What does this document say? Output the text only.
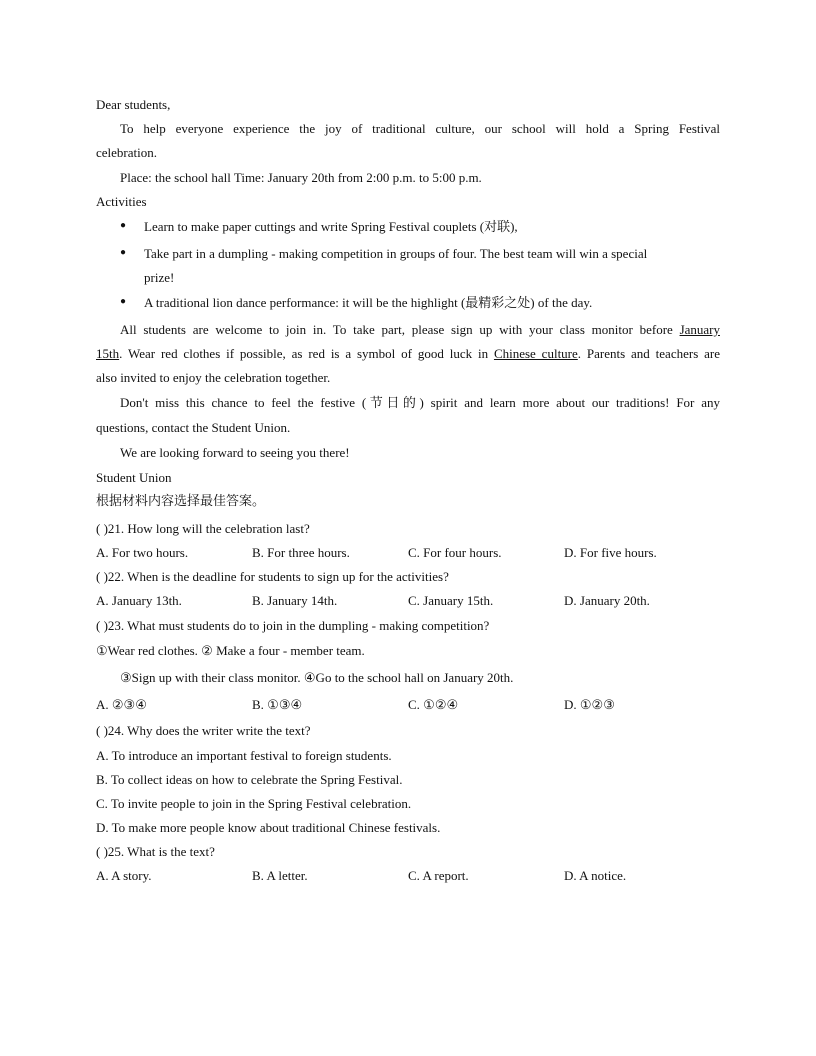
Dear students,
To help everyone experience the joy of traditional culture, our school will hold a Spring Festival
celebration.
Place: the school hall Time: January 20th from 2:00 p.m. to 5:00 p.m.
Activities
● Learn to make paper cuttings and write Spring Festival couplets (对联),
● Take part in a dumpling - making competition in groups of four. The best team will win a special
prize!
● A traditional lion dance performance: it will be the highlight (最精彩之处) of the day.
All students are welcome to join in. To take part, please sign up with your class monitor before January
15th. Wear red clothes if possible, as red is a symbol of good luck in Chinese culture. Parents and teachers are
also invited to enjoy the celebration together.
Don't miss this chance to feel the festive (节日的) spirit and learn more about our traditions! For any
questions, contact the Student Union.
We are looking forward to seeing you there!
Student Union
根据材料内容选择最佳答案。
( )21. How long will the celebration last?
A. For two hours.	B. For three hours.	C. For four hours.	D. For five hours.
( )22. When is the deadline for students to sign up for the activities?
A. January 13th.	B. January 14th.	C. January 15th.	D. January 20th.
( )23. What must students do to join in the dumpling - making competition?
①Wear red clothes. ② Make a four - member team.
③Sign up with their class monitor. ④Go to the school hall on January 20th.
A. ②③④	B. ①③④	C. ①②④	D. ①②③
( )24. Why does the writer write the text?
A. To introduce an important festival to foreign students.
B. To collect ideas on how to celebrate the Spring Festival.
C. To invite people to join in the Spring Festival celebration.
D. To make more people know about traditional Chinese festivals.
( )25. What is the text?
A. A story.	B. A letter.	C. A report.	D. A notice.
